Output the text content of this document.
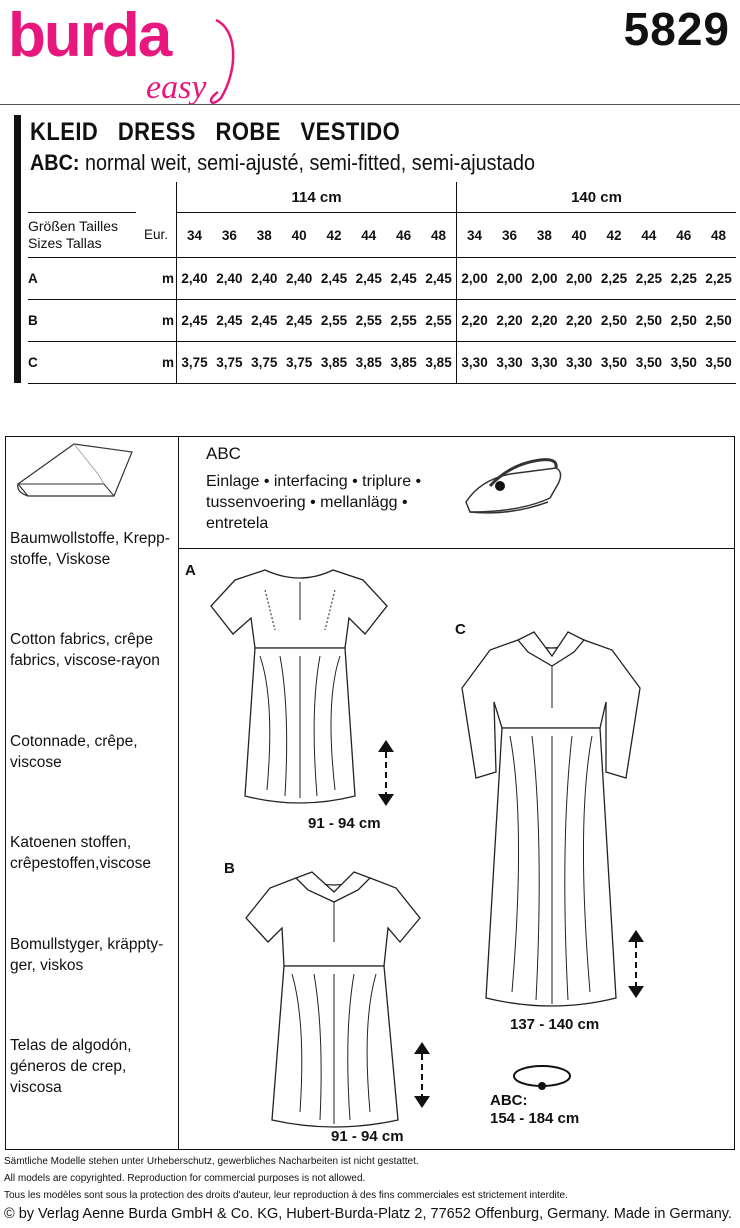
burda
easy
5829
KLEID   DRESS   ROBE   VESTIDO
ABC: normal weit, semi-ajusté, semi-fitted, semi-ajustado
		114 cm								140 cm							
Größen Tailles
Sizes Tallas	Eur.	34	36	38	40	42	44	46	48	34	36	38	40	42	44	46	48
A	m	2,40	2,40	2,40	2,40	2,45	2,45	2,45	2,45	2,00	2,00	2,00	2,00	2,25	2,25	2,25	2,25
B	m	2,45	2,45	2,45	2,45	2,55	2,55	2,55	2,55	2,20	2,20	2,20	2,20	2,50	2,50	2,50	2,50
C	m	3,75	3,75	3,75	3,75	3,85	3,85	3,85	3,85	3,30	3,30	3,30	3,30	3,50	3,50	3,50	3,50
Baumwollstoffe, Krepp-
stoffe, Viskose
Cotton fabrics, crêpe
fabrics, viscose-rayon
Cotonnade, crêpe,
viscose
Katoenen stoffen,
crêpestoffen,viscose
Bomullstyger, kräppty-
ger, viskos
Telas de algodón,
géneros de crep,
viscosa
ABC
Einlage • interfacing • triplure •
tussenvoering • mellanlägg •
entretela
A
B
C
91 - 94 cm
91 - 94 cm
137 - 140 cm
ABC:
154 - 184 cm
Sämtliche Modelle stehen unter Urheberschutz, gewerbliches Nacharbeiten ist nicht gestattet.
All models are copyrighted. Reproduction for commercial purposes is not allowed.
Tous les modèles sont sous la protection des droits d'auteur, leur reproduction à des fins commerciales est strictement interdite.
© by Verlag Aenne Burda GmbH & Co. KG, Hubert-Burda-Platz 2, 77652 Offenburg, Germany. Made in Germany.
